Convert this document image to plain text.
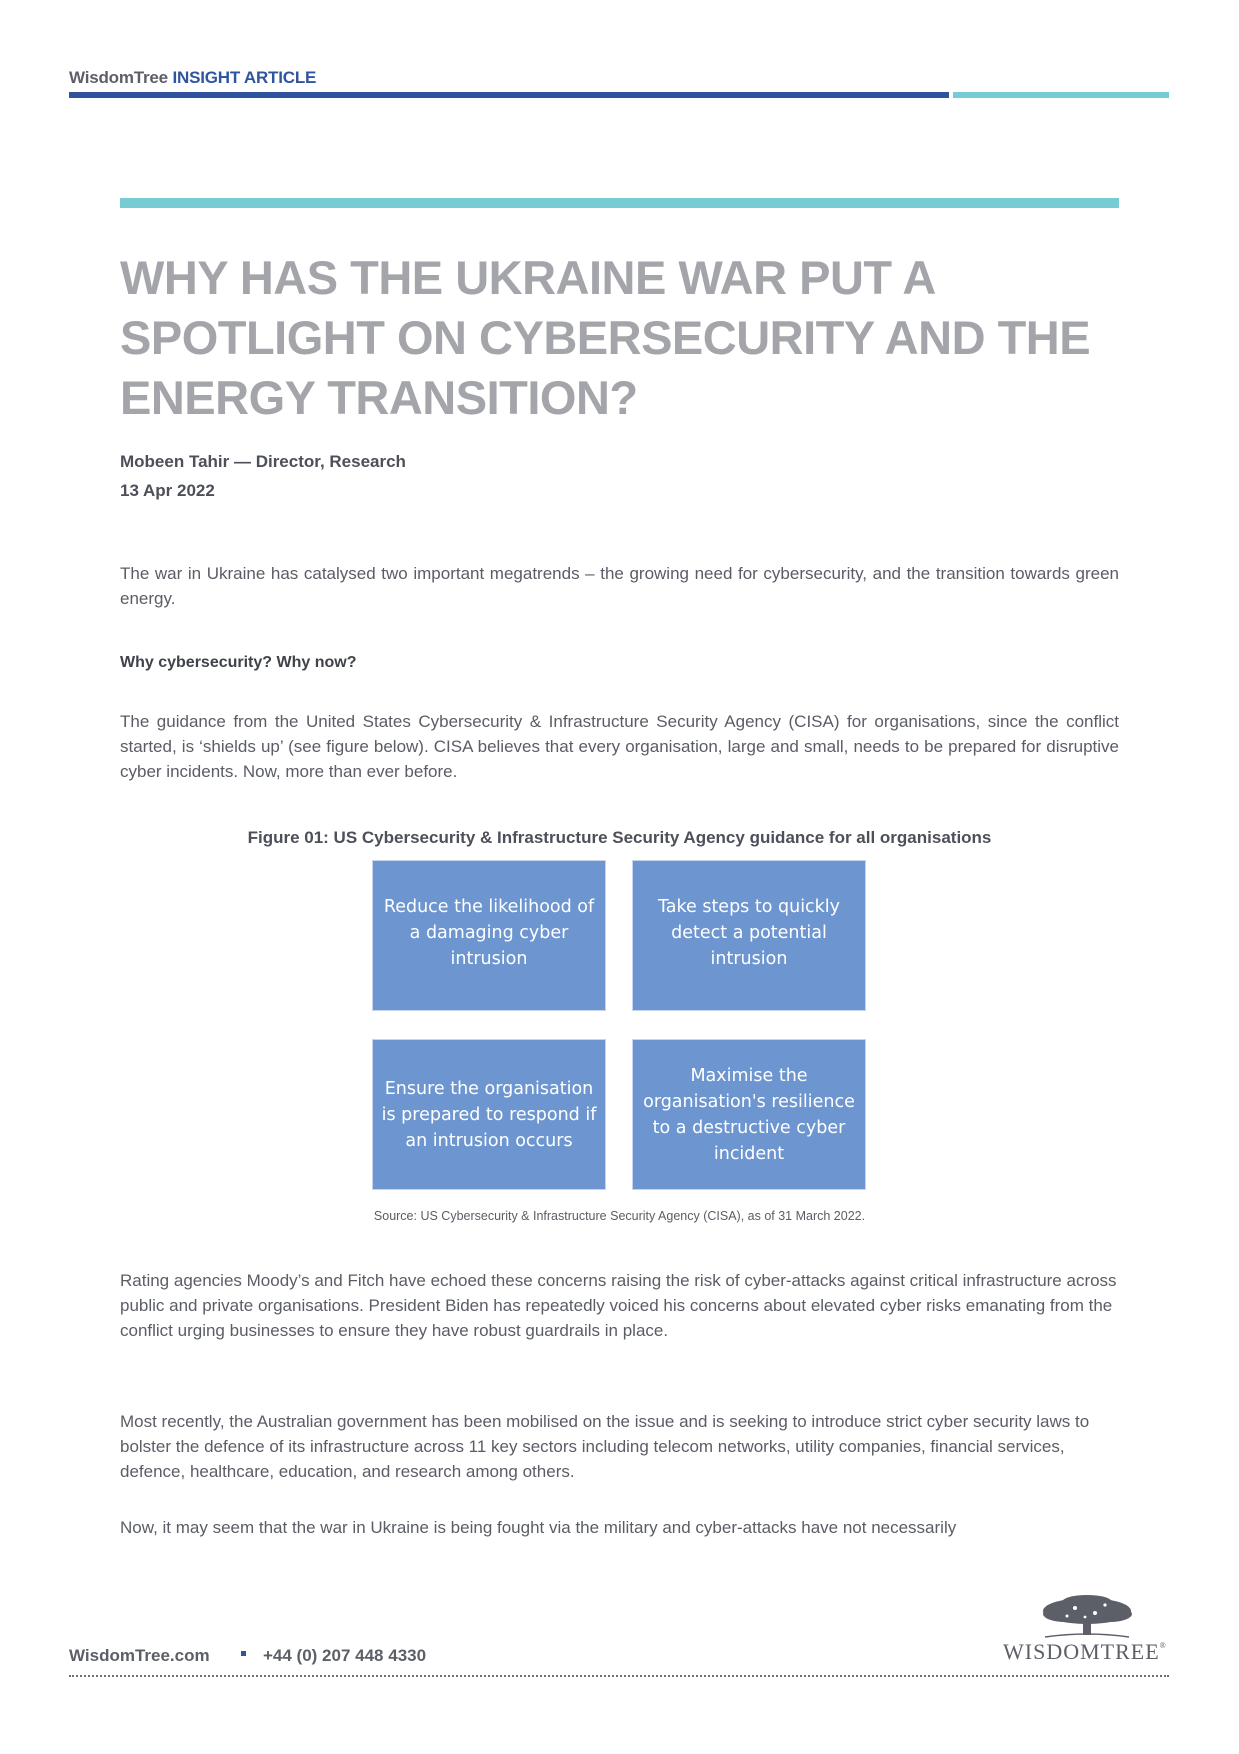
WisdomTree INSIGHT ARTICLE
WHY HAS THE UKRAINE WAR PUT A SPOTLIGHT ON CYBERSECURITY AND THE ENERGY TRANSITION?
Mobeen Tahir — Director, Research
13 Apr 2022

The war in Ukraine has catalysed two important megatrends – the growing need for cybersecurity, and the transition towards green energy.

Why cybersecurity? Why now?

The guidance from the United States Cybersecurity & Infrastructure Security Agency (CISA) for organisations, since the conflict started, is ‘shields up’ (see figure below). CISA believes that every organisation, large and small, needs to be prepared for disruptive cyber incidents. Now, more than ever before.

Figure 01: US Cybersecurity & Infrastructure Security Agency guidance for all organisations
Reduce the likelihood of a damaging cyber intrusion
Take steps to quickly detect a potential intrusion
Ensure the organisation is prepared to respond if an intrusion occurs
Maximise the organisation's resilience to a destructive cyber incident
Source: US Cybersecurity & Infrastructure Security Agency (CISA), as of 31 March 2022.

Rating agencies Moody’s and Fitch have echoed these concerns raising the risk of cyber-attacks against critical infrastructure across public and private organisations. President Biden has repeatedly voiced his concerns about elevated cyber risks emanating from the conflict urging businesses to ensure they have robust guardrails in place.

Most recently, the Australian government has been mobilised on the issue and is seeking to introduce strict cyber security laws to bolster the defence of its infrastructure across 11 key sectors including telecom networks, utility companies, financial services, defence, healthcare, education, and research among others.

Now, it may seem that the war in Ukraine is being fought via the military and cyber-attacks have not necessarily

WisdomTree.com	+44 (0) 207 448 4330	WISDOMTREE®
